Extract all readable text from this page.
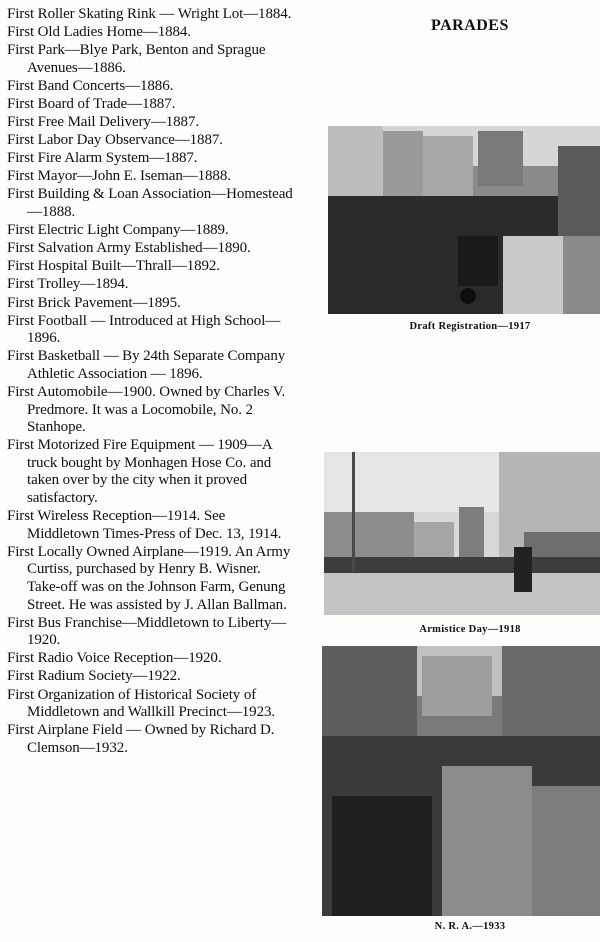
First Roller Skating Rink — Wright Lot—1884.

First Old Ladies Home—1884.

First Park—Blye Park, Benton and Sprague Avenues—1886.

First Band Concerts—1886.

First Board of Trade—1887.

First Free Mail Delivery—1887.

First Labor Day Observance—1887.

First Fire Alarm System—1887.

First Mayor—John E. Iseman—1888.

First Building & Loan Association—Homestead—1888.

First Electric Light Company—1889.

First Salvation Army Established—1890.

First Hospital Built—Thrall—1892.

First Trolley—1894.

First Brick Pavement—1895.

First Football — Introduced at High School—1896.

First Basketball — By 24th Separate Company Athletic Association — 1896.

First Automobile—1900. Owned by Charles V. Predmore. It was a Locomobile, No. 2 Stanhope.

First Motorized Fire Equipment — 1909—A truck bought by Monhagen Hose Co. and taken over by the city when it proved satisfactory.

First Wireless Reception—1914. See Middletown Times-Press of Dec. 13, 1914.

First Locally Owned Airplane—1919. An Army Curtiss, purchased by Henry B. Wisner. Take-off was on the Johnson Farm, Genung Street. He was assisted by J. Allan Ballman.

First Bus Franchise—Middletown to Liberty—1920.

First Radio Voice Reception—1920.

First Radium Society—1922.

First Organization of Historical Society of Middletown and Wallkill Precinct—1923.

First Airplane Field — Owned by Richard D. Clemson—1932.

PARADES
Draft Registration—1917
Armistice Day—1918
N. R. A.—1933
